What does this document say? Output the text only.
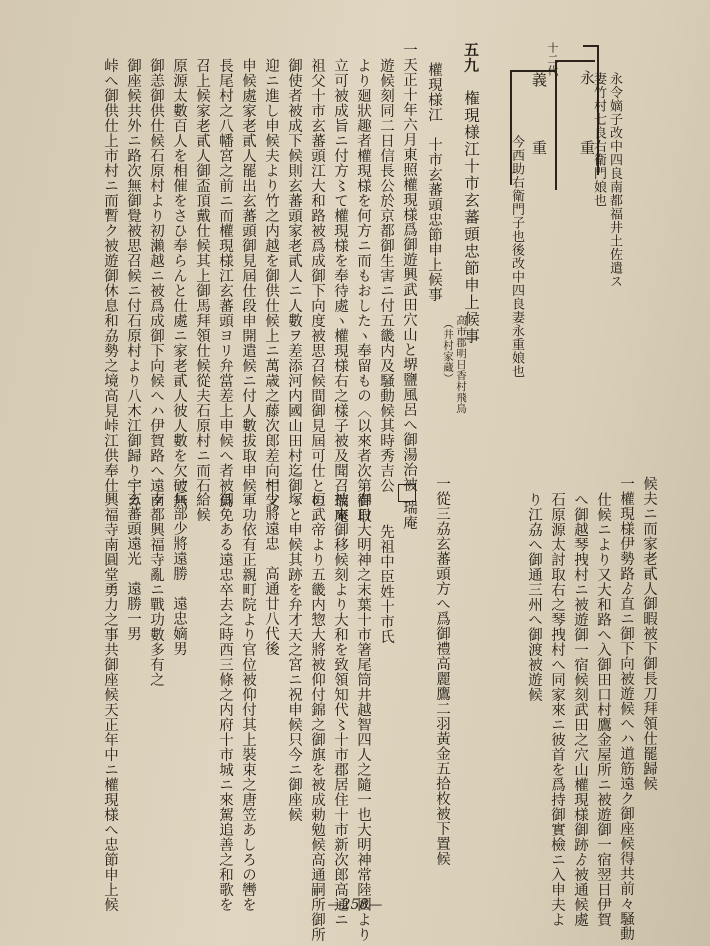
永
重
十二代
義
重	永令嫡子改中四良南都福井土佐遣ス
妻竹村七良右衛門娘也
今西助右衛門子也後改中四良妻永重娘也
五九
権現様江十市玄蕃頭忠節申上候事
高市郡明日香村飛鳥
（井村家蔵）
權現様江　十市玄蕃頭忠節申上候事
一天正十年六月東照權現様爲御遊興武田穴山と堺鹽風呂へ御湯治被
遊候刻同二日信長公於京都御生害ニ付五畿内及騒動候其時秀吉公
より廻狀趣者權現様を何方ニ而もおしたヽ奉留もの〈以來者次第御取
立可被成旨ニ付方〻て權現様を奉待處ヽ權現様右之樣子被及聞召瑞庵
祖父十市玄蕃頭江大和路被爲成御下向度被思召候間御見屆可仕との
御使者被成下候則玄蕃頭家老貳人ニ人數ヲ差添河内國山田村迄御
迎ニ進し申候夫より竹之内越を御供仕候上ニ萬歳之藤次郎差向相支
申候處家老貳人罷出玄蕃頭御見屆仕段申開遣候ニ付人數拔取申候
長尾村之八幡宮之前ニ而權現様江玄蕃頭ヨリ弁當差上申候へ者被爲
召上候家老貳人御盃頂戴仕候其上御馬拜領仕候從夫石原村ニ而石
原源太數百人を相催をさひ奉らんと仕處ニ家老貳人彼人數を欠破無
御恙御供仕候石原村より初瀨越ニ被爲成御下向候へハ伊賀路へ遠ク
御座候共外ニ路次無御覺被思召候ニ付石原村より八木江御歸り宇カ
峠へ御供仕上市村ニ而暫ク被遊御休息和劦勢之境高見峠江供奉仕
候夫ニ而家老貳人御暇被下御長刀拜領仕罷歸候
一權現様伊勢路ゟ直ニ御下向被遊候へハ道筋遠ク御座候得共前々騒動
仕候ニより又大和路へ入御田口村鷹金屋所ニ被遊御一宿翌日伊賀
へ御越琴拽村ニ被遊御一宿候刻武田之穴山權現様御跡ゟ被通候處
石原源太討取右之琴拽村へ同家來ニ彼首を爲持御實檢ニ入申夫よ
り江劦へ御通三州へ御渡被遊候
一從三劦玄蕃頭方へ爲御禮高麗鷹二羽黃金五拾枚被下置候
瑞庵
先祖中臣姓十市氏
春日大明神之末葉十市箸尾筒井越智四人之隨一也大明神常陸國より
被來御移候刻より大和を致領知代〻十市郡居住十市新次郎高通ニ
桓武帝より五畿内惣大將被仰付錦之御旗を被成勅勉候高通嗣所御所
塚と申候其跡を弁才天之宮ニ祝申候只今ニ御座候
一少將遠忠　高通廿八代後
軍功依有正親町院より官位被仰付其上裝束之唐笠あしろの轡を
御免ある遠忠卒去之時西三條之内府十市城ニ來駕追善之和歌を
給候
一兵部少將遠勝　遠忠嫡男
南都興福寺亂ニ戰功數多有之
一玄蕃頭遠光　遠勝一男
興福寺南圓堂勇力之事共御座候天正年中ニ權現様へ忠節申上候	—258—
